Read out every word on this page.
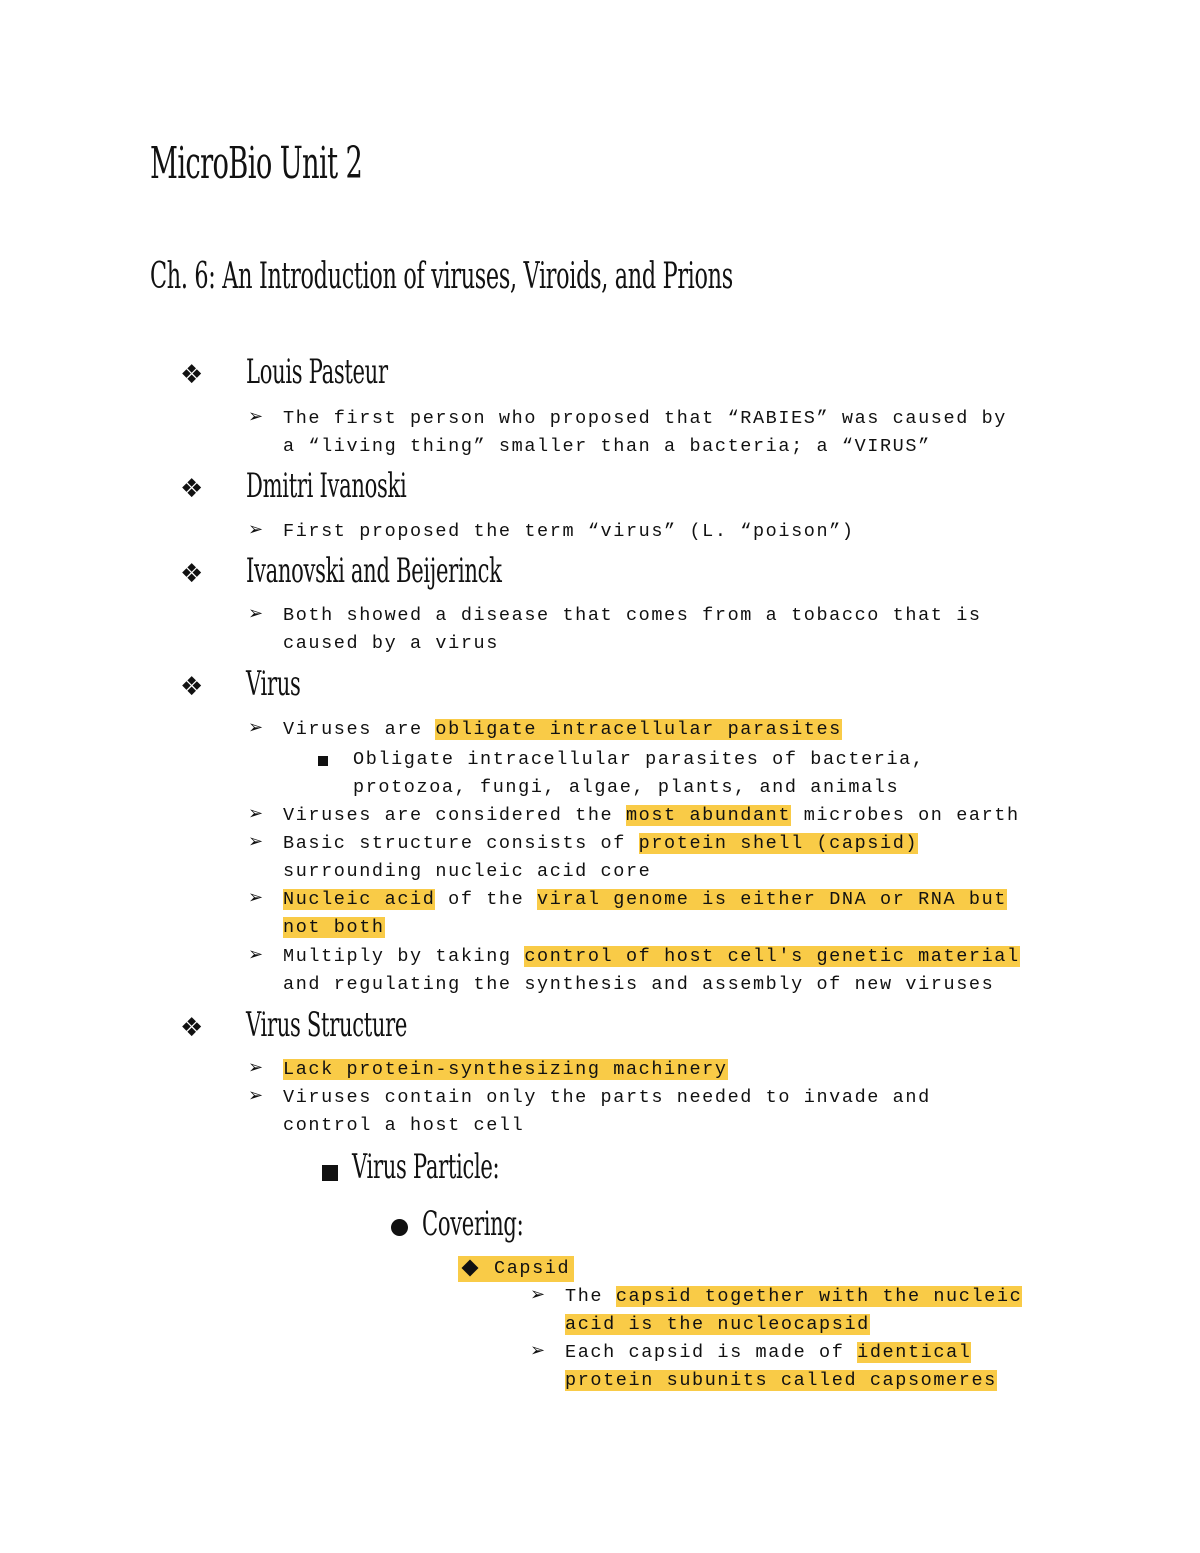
MicroBio Unit 2
Ch. 6: An Introduction of viruses, Viroids, and Prions
❖ Louis Pasteur
➢ The first person who proposed that “RABIES” was caused by
a “living thing” smaller than a bacteria; a “VIRUS”
❖ Dmitri Ivanoski
➢ First proposed the term “virus” (L. “poison”)
❖ Ivanovski and Beijerinck
➢ Both showed a disease that comes from a tobacco that is
caused by a virus
❖ Virus
➢ Viruses are obligate intracellular parasites
Obligate intracellular parasites of bacteria,
protozoa, fungi, algae, plants, and animals
➢ Viruses are considered the most abundant microbes on earth
➢ Basic structure consists of protein shell (capsid)
surrounding nucleic acid core
➢ Nucleic acid of the viral genome is either DNA or RNA but
not both
➢ Multiply by taking control of host cell's genetic material
and regulating the synthesis and assembly of new viruses
❖ Virus Structure
➢ Lack protein-synthesizing machinery
➢ Viruses contain only the parts needed to invade and
control a host cell
Virus Particle:
Covering:
Capsid
➢ The capsid together with the nucleic
acid is the nucleocapsid
➢ Each capsid is made of identical
protein subunits called capsomeres
